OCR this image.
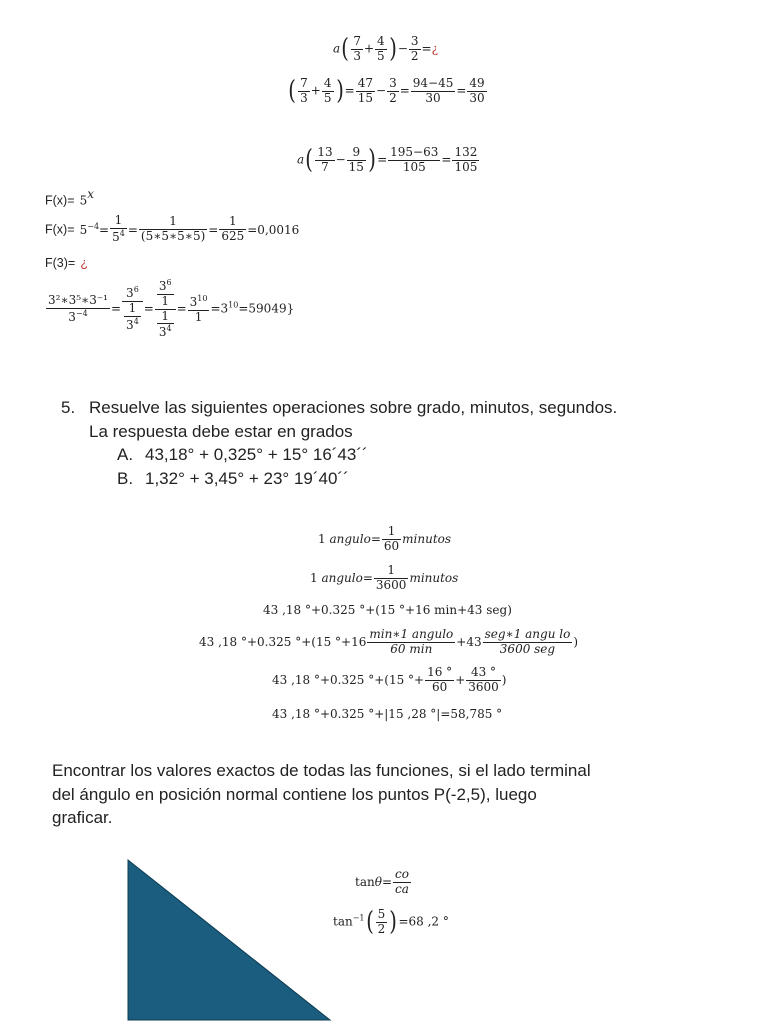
$a( \frac{7}{3} + \frac{4}{5}$ )− $\frac{3}{2}$ =¿
( $\frac{7}{3} + \frac{4}{5}$ )= $\frac{47}{15} - \frac{3}{2} = \frac{94-45}{30} = \frac{49}{30}$
$a( \frac{13}{7} - \frac{9}{15}$ )= $\frac{195-63}{105} = \frac{132}{105}$
$F(x)= 5^x$
$F(x)= 5^{-4}= \frac{1}{5^4} = \frac{1}{(5∗5∗5∗5)} = \frac{1}{625} =0,0016$
F(3)= ¿
$\frac{\text{3²∗3⁵∗3⁻¹}}{3^{-4}} = \frac{3^6}{\frac{1}{3^4}} = \frac{\frac{3^6}{1}}{\frac{1}{3^4}} = \frac{3^{10}}{1} =3^{10}=59049$}
5. Resuelve las siguientes operaciones sobre grado, minutos, segundos.
La respuesta debe estar en grados
A. 43,18° + 0,325° + 15° 16´43´´
B. 1,32° + 3,45° + 23° 19´40´´
1 angulo= $\frac{1}{60}$ minutos
1 angulo= $\frac{1}{3600}$ minutos
43 ,18 °+0.325 °+(15 °+16 min+43 seg)
43 ,18 °+0.325 °+(15 $^\circ+16 \frac{\text{min∗1 angulo}}{60 \min} +43 \frac{\text{seg∗1 angu lo}}{\text{3600 seg}}$ )
43 ,18 °+0.325 °+(15 °+ $\frac{16 ^\circ}{60} + \frac{43 ^\circ}{3600}$ )
43 ,18 °+0.325 °+|15 ,28 °|=58,785 °
Encontrar los valores exactos de todas las funciones, si el lado terminal
del ángulo en posición normal contiene los puntos P(-2,5), luego
graficar.
$\tan\theta= \frac{co}{ca}$
$\tan^{-1}( \frac{5}{2} )=68$ ,2 °
